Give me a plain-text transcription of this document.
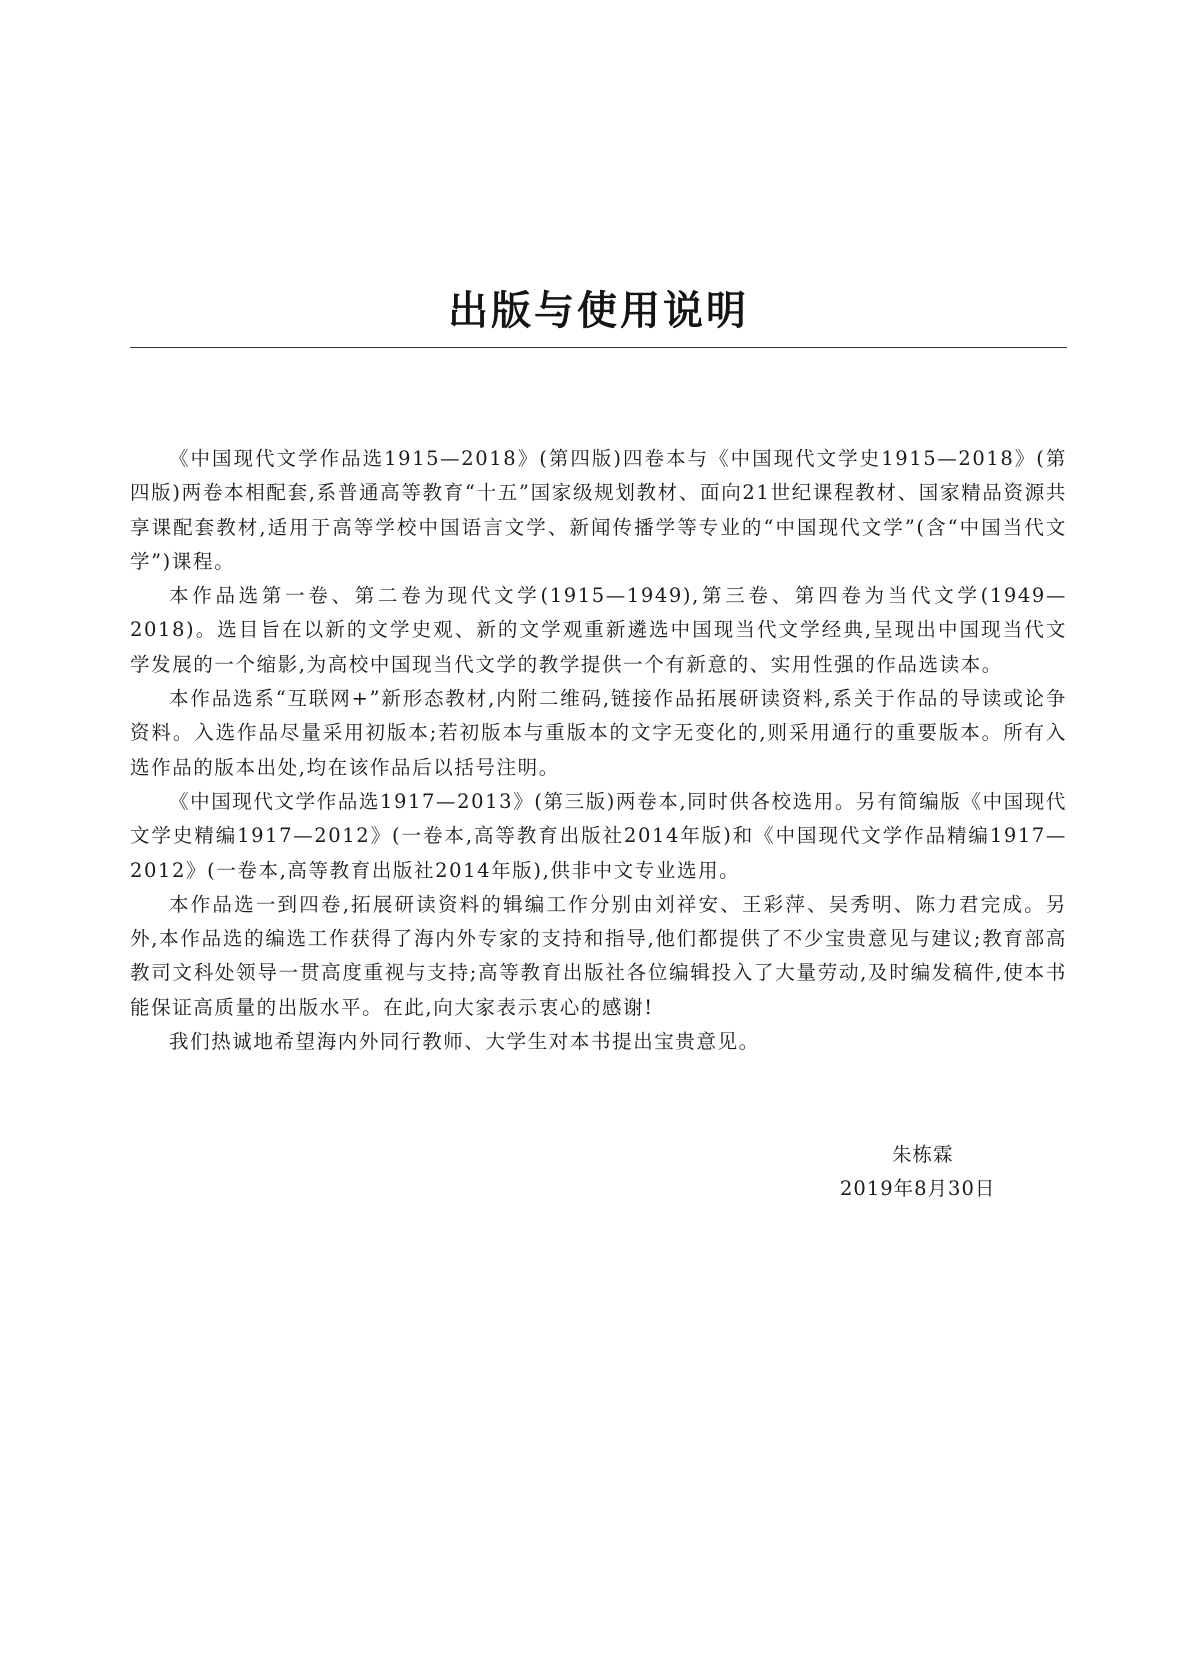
出版与使用说明

《中国现代文学作品选1915—2018》(第四版)四卷本与《中国现代文学史1915—2018》(第四版)两卷本相配套,系普通高等教育“十五”国家级规划教材、面向21世纪课程教材、国家精品资源共享课配套教材,适用于高等学校中国语言文学、新闻传播学等专业的“中国现代文学”(含“中国当代文学”)课程。

本作品选第一卷、第二卷为现代文学(1915—1949),第三卷、第四卷为当代文学(1949—2018)。选目旨在以新的文学史观、新的文学观重新遴选中国现当代文学经典,呈现出中国现当代文学发展的一个缩影,为高校中国现当代文学的教学提供一个有新意的、实用性强的作品选读本。

本作品选系“互联网+”新形态教材,内附二维码,链接作品拓展研读资料,系关于作品的导读或论争资料。入选作品尽量采用初版本;若初版本与重版本的文字无变化的,则采用通行的重要版本。所有入选作品的版本出处,均在该作品后以括号注明。

《中国现代文学作品选1917—2013》(第三版)两卷本,同时供各校选用。另有简编版《中国现代文学史精编1917—2012》(一卷本,高等教育出版社2014年版)和《中国现代文学作品精编1917—2012》(一卷本,高等教育出版社2014年版),供非中文专业选用。

本作品选一到四卷,拓展研读资料的辑编工作分别由刘祥安、王彩萍、吴秀明、陈力君完成。另外,本作品选的编选工作获得了海内外专家的支持和指导,他们都提供了不少宝贵意见与建议;教育部高教司文科处领导一贯高度重视与支持;高等教育出版社各位编辑投入了大量劳动,及时编发稿件,使本书能保证高质量的出版水平。在此,向大家表示衷心的感谢!

我们热诚地希望海内外同行教师、大学生对本书提出宝贵意见。

朱栋霖
2019年8月30日
